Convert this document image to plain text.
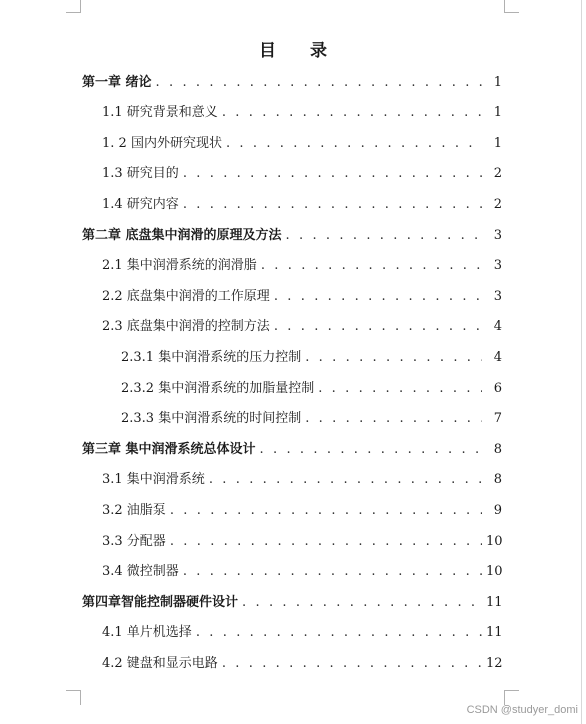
目 录
第一章 绪论 . . .	1
1.1 研究背景和意义 . . .	1
1. 2 国内外研究现状 . . .	1
1.3 研究目的 . . .	2
1.4 研究内容 . . .	2
第二章 底盘集中润滑的原理及方法 . . .	3
2.1 集中润滑系统的润滑脂 . . .	3
2.2 底盘集中润滑的工作原理 . . .	3
2.3 底盘集中润滑的控制方法 . . .	4
2.3.1 集中润滑系统的压力控制 . . .	4
2.3.2 集中润滑系统的加脂量控制 . . .	6
2.3.3 集中润滑系统的时间控制 . . .	7
第三章 集中润滑系统总体设计 . . .	8
3.1 集中润滑系统 . . .	8
3.2 油脂泵 . . .	9
3.3 分配器 . . .	10
3.4 微控制器 . . .	10
第四章智能控制器硬件设计 . . .	11
4.1 单片机选择 . . .	11
4.2 键盘和显示电路 . . .	12
CSDN @studyer_domi
